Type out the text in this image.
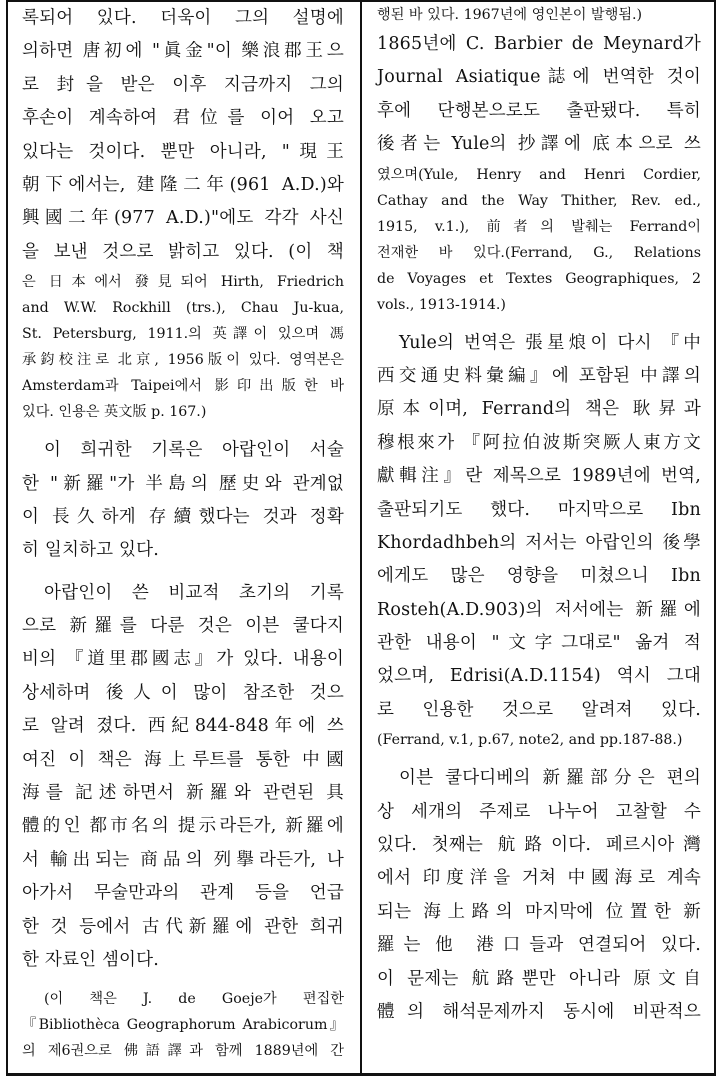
록되어 있다. 더욱이 그의 설명에
의하면 唐初에 "眞金"이 樂浪郡王으
로 封을 받은 이후 지금까지 그의
후손이 계속하여 君位를 이어 오고
있다는 것이다. 뿐만 아니라, "現王
朝下에서는, 建隆二年(961 A.D.)와
興國二年(977 A.D.)"에도 각각 사신
을 보낸 것으로 밝히고 있다. (이 책
은 日本에서 發見되어 Hirth, Friedrich
and W.W. Rockhill (trs.), Chau Ju-kua,
St. Petersburg, 1911.의 英譯이 있으며 馮
承鈞校注로 北京, 1956版이 있다. 영역본은
Amsterdam과 Taipei에서 影印出版한 바
있다. 인용은 英文版 p. 167.)
이 희귀한 기록은 아랍인이 서술
한 "新羅"가 半島의 歷史와 관계없
이 長久하게 存續했다는 것과 정확
히 일치하고 있다.
아랍인이 쓴 비교적 초기의 기록
으로 新羅를 다룬 것은 이븐 쿨다지
비의 『道里郡國志』가 있다. 내용이
상세하며 後人이 많이 참조한 것으
로 알려 졌다. 西紀844-848年에 쓰
여진 이 책은 海上루트를 통한 中國
海를 記述하면서 新羅와 관련된 具
體的인 都市名의 提示라든가, 新羅에
서 輸出되는 商品의 列擧라든가, 나
아가서 무술만과의 관계 등을 언급
한 것 등에서 古代新羅에 관한 희귀
한 자료인 셈이다.
(이 책은 J. de Goeje가 편집한
『Bibliothèca Geographorum Arabicorum』
의 제6권으로 佛語譯과 함께 1889년에 간
행된 바 있다. 1967년에 영인본이 발행됨.)
1865년에 C. Barbier de Meynard가
Journal Asiatique誌에 번역한 것이
후에 단행본으로도 출판됐다. 특히
後者는 Yule의 抄譯에 底本으로 쓰
였으며(Yule, Henry and Henri Cordier,
Cathay and the Way Thither, Rev. ed.,
1915, v.1.), 前者의 발췌는 Ferrand이
전재한 바 있다.(Ferrand, G., Relations
de Voyages et Textes Geographiques, 2
vols., 1913-1914.)
Yule의 번역은 張星烺이 다시 『中
西交通史料彙編』에 포함된 中譯의
原本이며, Ferrand의 책은 耿昇과
穆根來가 『阿拉伯波斯突厥人東方文
獻輯注』란 제목으로 1989년에 번역,
출판되기도 했다. 마지막으로 Ibn
Khordadhbeh의 저서는 아랍인의 後學
에게도 많은 영향을 미쳤으니 Ibn
Rosteh(A.D.903)의 저서에는 新羅에
관한 내용이 "文字그대로" 옮겨 적
었으며, Edrisi(A.D.1154) 역시 그대
로 인용한 것으로 알려져 있다.
(Ferrand, v.1, p.67, note2, and pp.187-88.)
이븐 쿨다디베의 新羅部分은 편의
상 세개의 주제로 나누어 고찰할 수
있다. 첫째는 航路이다. 페르시아灣
에서 印度洋을 거쳐 中國海로 계속
되는 海上路의 마지막에 位置한 新
羅는 他 港口들과 연결되어 있다.
이 문제는 航路뿐만 아니라 原文自
體의 해석문제까지 동시에 비판적으
